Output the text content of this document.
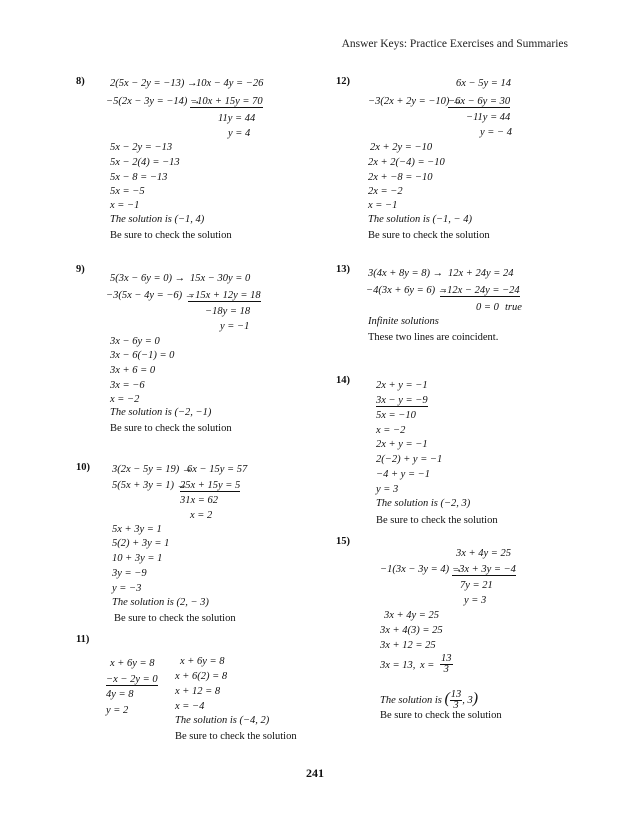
Answer Keys: Practice Exercises and Summaries
8) 2(5x − 2y = −13) →
10x − 4y = −26
−5(2x − 3y = −14) →
−10x + 15y = 70
11y = 44
y = 4
5x − 2y = −13
5x − 2(4) = −13
5x − 8 = −13
5x = −5
x = −1
The solution is (−1, 4)
Be sure to check the solution
9)
5(3x − 6y = 0) → 15x − 30y = 0
−3(5x − 4y = −6) →
−15x + 12y = 18
−18y = 18
y = −1
3x − 6y = 0
3x − 6(−1) = 0
3x + 6 = 0
3x = −6
x = −2
The solution is (−2, −1)
Be sure to check the solution
10) 3(2x − 5y = 19) →
6x − 15y = 57
5(5x + 3y = 1) →
25x + 15y = 5
31x = 62
x = 2
5x + 3y = 1
5(2) + 3y = 1
10 + 3y = 1
3y = −9
y = −3
The solution is (2, − 3)
Be sure to check the solution
11)
x + 6y = 8
−x − 2y = 0
4y = 8
y = 2
x + 6y = 8
x + 6(2) = 8
x + 12 = 8
x = −4
The solution is (−4, 2)
Be sure to check the solution
12)	6x − 5y = 14
−3(2x + 2y = −10) →
−6x − 6y = 30
−11y = 44
y = − 4
2x + 2y = −10
2x + 2(−4) = −10
2x + −8 = −10
2x = −2
x = −1
The solution is (−1, − 4)
Be sure to check the solution
13) 3(4x + 8y = 8) → 12x + 24y = 24
−4(3x + 6y = 6) →
−12x − 24y = −24
0 = 0 true
Infinite solutions
These two lines are coincident.
14) 2x + y = −1
3x − y = −9
5x = −10
x = −2
2x + y = −1
2(−2) + y = −1
−4 + y = −1
y = 3
The solution is (−2, 3)
Be sure to check the solution
15)
3x + 4y = 25
−1(3x − 3y = 4) →
−3x + 3y = −4
7y = 21
y = 3
3x + 4y = 25
3x + 4(3) = 25
3x + 12 = 25
3x = 13, $x = \frac{13}{3}$
The solution is ( $\frac{13}{3}$ , 3)
Be sure to check the solution
241
